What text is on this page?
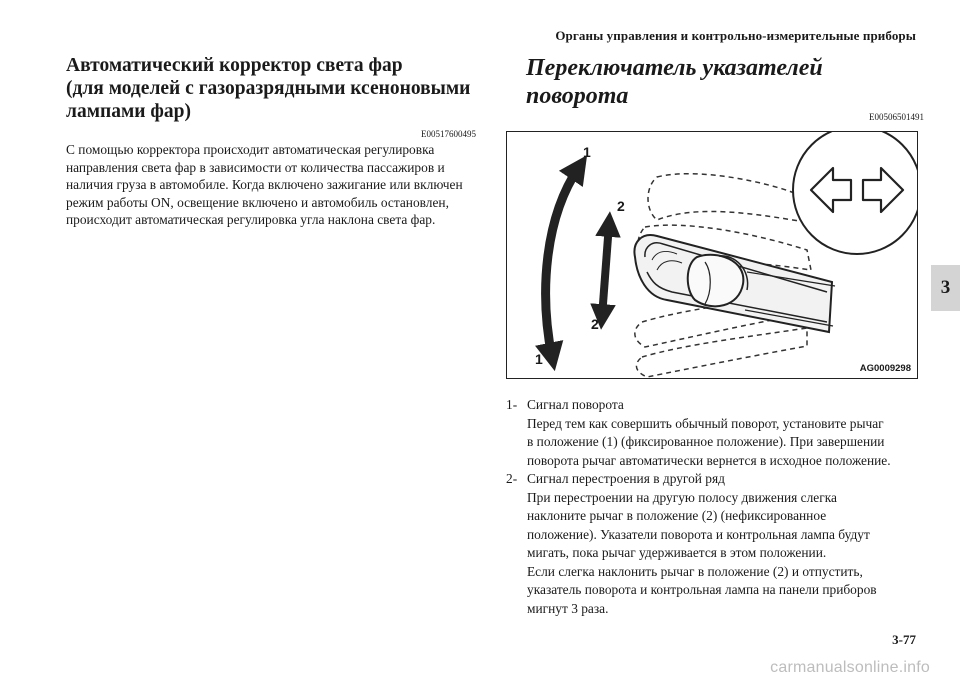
Органы управления и контрольно-измерительные приборы
Автоматический корректор света фар
(для моделей с газоразрядными ксеноновыми
лампами фар)
E00517600495

С помощью корректора происходит автоматическая регулировка
направления света фар в зависимости от количества пассажиров и
наличия груза в автомобиле. Когда включено зажигание или включен
режим работы ON, освещение включено и автомобиль остановлен,
происходит автоматическая регулировка угла наклона света фар.

Переключатель указателей поворота
E00506501491
1
2
2
1
AG0009298
1- Сигнал поворота
Перед тем как совершить обычный поворот, установите рычаг
в положение (1) (фиксированное положение). При завершении
поворота рычаг автоматически вернется в исходное положение.
2- Сигнал перестроения в другой ряд
При перестроении на другую полосу движения слегка
наклоните рычаг в положение (2) (нефиксированное
положение). Указатели поворота и контрольная лампа будут
мигать, пока рычаг удерживается в этом положении.
Если слегка наклонить рычаг в положение (2) и отпустить,
указатель поворота и контрольная лампа на панели приборов
мигнут 3 раза.
3
3-77
carmanualsonline.info
